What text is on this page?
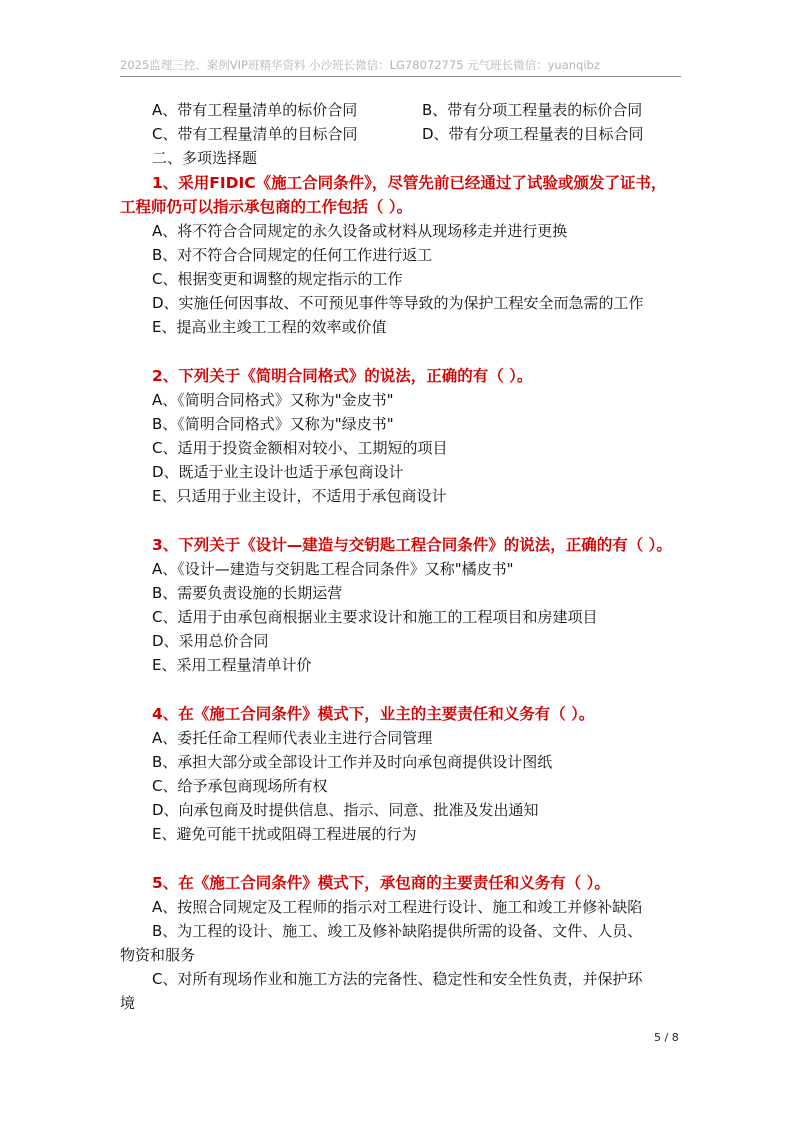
2025监理三控、案例VIP班精华资料 小沙班长微信：LG78072775 元气班长微信：yuanqibz
A、带有工程量清单的标价合同	B、带有分项工程量表的标价合同
C、带有工程量清单的目标合同	D、带有分项工程量表的目标合同
二、多项选择题
1、采用FIDIC《施工合同条件》，尽管先前已经通过了试验或颁发了证书，
工程师仍可以指示承包商的工作包括（ ）。
A、将不符合合同规定的永久设备或材料从现场移走并进行更换
B、对不符合合同规定的任何工作进行返工
C、根据变更和调整的规定指示的工作
D、实施任何因事故、不可预见事件等导致的为保护工程安全而急需的工作
E、提高业主竣工工程的效率或价值
2、下列关于《简明合同格式》的说法，正确的有（ ）。
A、《简明合同格式》又称为"金皮书"
B、《简明合同格式》又称为"绿皮书"
C、适用于投资金额相对较小、工期短的项目
D、既适于业主设计也适于承包商设计
E、只适用于业主设计，不适用于承包商设计
3、下列关于《设计—建造与交钥匙工程合同条件》的说法，正确的有（ ）。
A、《设计—建造与交钥匙工程合同条件》又称"橘皮书"
B、需要负责设施的长期运营
C、适用于由承包商根据业主要求设计和施工的工程项目和房建项目
D、采用总价合同
E、采用工程量清单计价
4、在《施工合同条件》模式下，业主的主要责任和义务有（ ）。
A、委托任命工程师代表业主进行合同管理
B、承担大部分或全部设计工作并及时向承包商提供设计图纸
C、给予承包商现场所有权
D、向承包商及时提供信息、指示、同意、批准及发出通知
E、避免可能干扰或阻碍工程进展的行为
5、在《施工合同条件》模式下，承包商的主要责任和义务有（ ）。
A、按照合同规定及工程师的指示对工程进行设计、施工和竣工并修补缺陷
B、为工程的设计、施工、竣工及修补缺陷提供所需的设备、文件、人员、
物资和服务
C、对所有现场作业和施工方法的完备性、稳定性和安全性负责，并保护环
境
5 / 8
